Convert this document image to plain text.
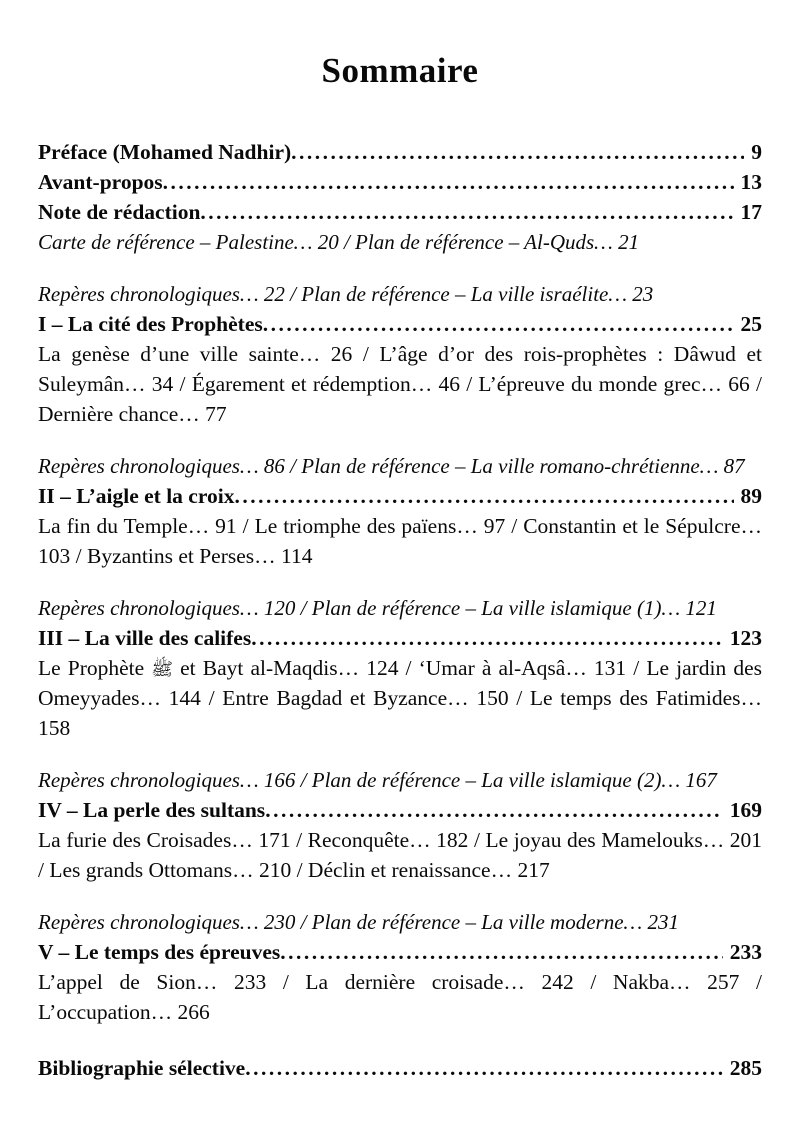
Sommaire
Préface (Mohamed Nadhir) .....	9
Avant-propos .....	13
Note de rédaction .....	17

Carte de référence – Palestine… 20 / Plan de référence – Al-Quds… 21

Repères chronologiques… 22 / Plan de référence – La ville israélite… 23

I – La cité des Prophètes .....	25

La genèse d’une ville sainte… 26 / L’âge d’or des rois-prophètes : Dâwud et Suleymân… 34 / Égarement et rédemption… 46 / L’épreuve du monde grec… 66 / Dernière chance… 77

Repères chronologiques… 86 / Plan de référence – La ville romano-chrétienne… 87

II – L’aigle et la croix .....	89

La fin du Temple… 91 / Le triomphe des païens… 97 / Constantin et le Sépulcre… 103 / Byzantins et Perses… 114

Repères chronologiques… 120 / Plan de référence – La ville islamique (1)… 121

III – La ville des califes .....	123

Le Prophète ﷺ et Bayt al-Maqdis… 124 / ‘Umar à al-Aqsâ… 131 / Le jardin des Omeyyades… 144 / Entre Bagdad et Byzance… 150 / Le temps des Fatimides… 158

Repères chronologiques… 166 / Plan de référence – La ville islamique (2)… 167

IV – La perle des sultans .....	169

La furie des Croisades… 171 / Reconquête… 182 / Le joyau des Mamelouks… 201 / Les grands Ottomans… 210 / Déclin et renaissance… 217

Repères chronologiques… 230 / Plan de référence – La ville moderne… 231

V – Le temps des épreuves .....	233

L’appel de Sion… 233 / La dernière croisade… 242 / Nakba… 257 / L’occupation… 266

Bibliographie sélective .....	285
